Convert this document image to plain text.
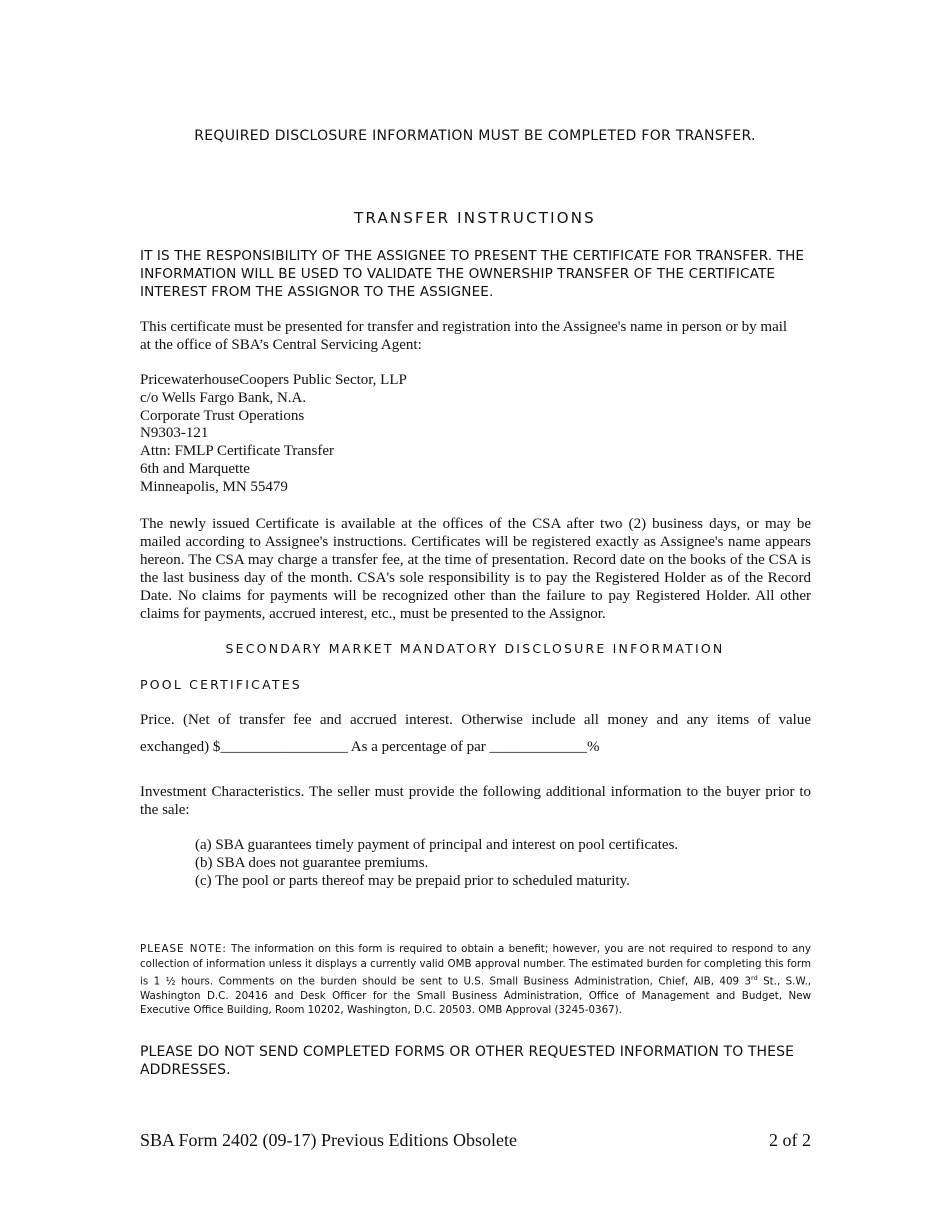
REQUIRED DISCLOSURE INFORMATION MUST BE COMPLETED FOR TRANSFER.
TRANSFER INSTRUCTIONS
IT IS THE RESPONSIBILITY OF THE ASSIGNEE TO PRESENT THE CERTIFICATE FOR TRANSFER. THE INFORMATION WILL BE USED TO VALIDATE THE OWNERSHIP TRANSFER OF THE CERTIFICATE INTEREST FROM THE ASSIGNOR TO THE ASSIGNEE.
This certificate must be presented for transfer and registration into the Assignee's name in person or by mail
at the office of SBA’s Central Servicing Agent:
PricewaterhouseCoopers Public Sector, LLP
c/o Wells Fargo Bank, N.A.
Corporate Trust Operations
N9303-121
Attn: FMLP Certificate Transfer
6th and Marquette
Minneapolis, MN 55479
The newly issued Certificate is available at the offices of the CSA after two (2) business days, or may be mailed according to Assignee's instructions. Certificates will be registered exactly as Assignee's name appears hereon. The CSA may charge a transfer fee, at the time of presentation. Record date on the books of the CSA is the last business day of the month. CSA's sole responsibility is to pay the Registered Holder as of the Record Date. No claims for payments will be recognized other than the failure to pay Registered Holder. All other claims for payments, accrued interest, etc., must be presented to the Assignor.
SECONDARY MARKET MANDATORY DISCLOSURE INFORMATION
POOL CERTIFICATES
Price. (Net of transfer fee and accrued interest. Otherwise include all money and any items of value
exchanged) $_________________ As a percentage of par _____________%
Investment Characteristics. The seller must provide the following additional information to the buyer prior to the sale:
(a) SBA guarantees timely payment of principal and interest on pool certificates.
(b) SBA does not guarantee premiums.
(c) The pool or parts thereof may be prepaid prior to scheduled maturity.
PLEASE NOTE: The information on this form is required to obtain a benefit; however, you are not required to respond to any collection of information unless it displays a currently valid OMB approval number. The estimated burden for completing this form is 1 ½ hours. Comments on the burden should be sent to U.S. Small Business Administration, Chief, AIB, 409 3rd St., S.W., Washington D.C. 20416 and Desk Officer for the Small Business Administration, Office of Management and Budget, New Executive Office Building, Room 10202, Washington, D.C. 20503. OMB Approval (3245-0367).
PLEASE DO NOT SEND COMPLETED FORMS OR OTHER REQUESTED INFORMATION TO THESE ADDRESSES.
SBA Form 2402 (09-17) Previous Editions Obsolete	2 of 2
